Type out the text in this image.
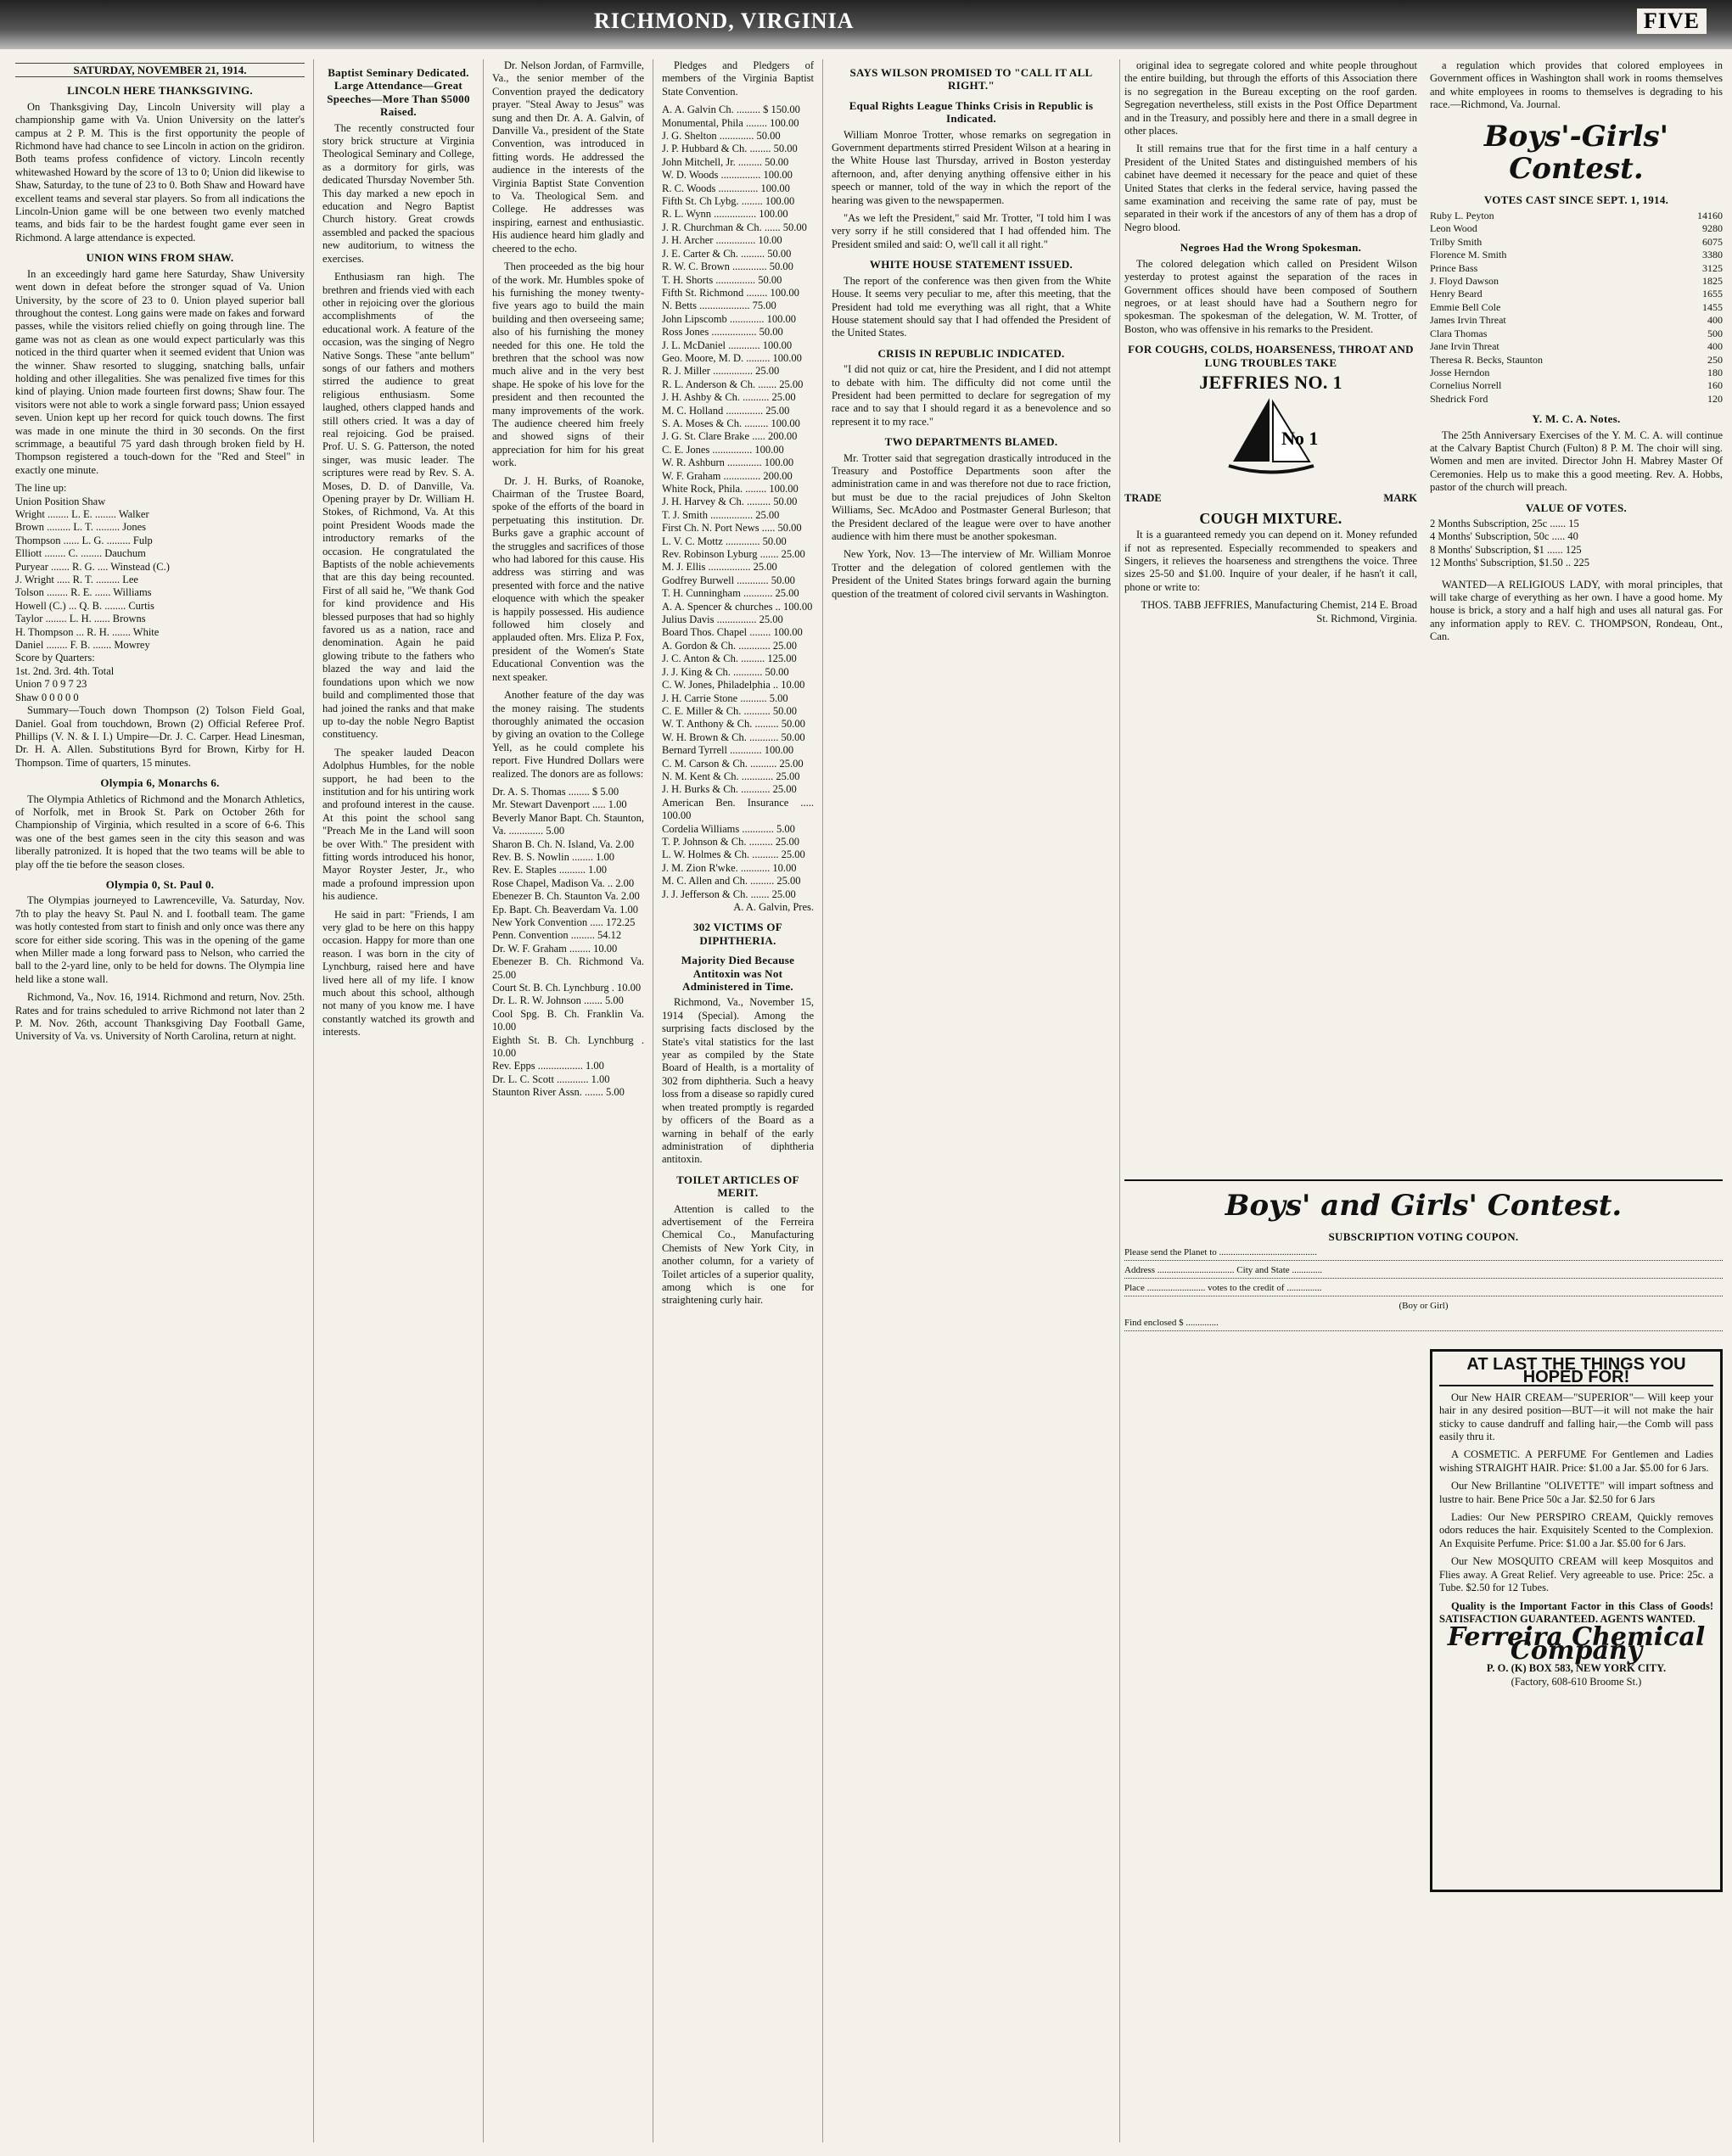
RICHMOND, VIRGINIA	FIVE
SATURDAY, NOVEMBER 21, 1914.
LINCOLN HERE THANKSGIVING.

On Thanksgiving Day, Lincoln University will play a championship game with Va. Union University on the latter's campus at 2 P. M. This is the first opportunity the people of Richmond have had chance to see Lincoln in action on the gridiron. Both teams profess confidence of victory. Lincoln recently whitewashed Howard by the score of 13 to 0; Union did likewise to Shaw, Saturday, to the tune of 23 to 0. Both Shaw and Howard have excellent teams and several star players. So from all indications the Lincoln-Union game will be one between two evenly matched teams, and bids fair to be the hardest fought game ever seen in Richmond. A large attendance is expected.

UNION WINS FROM SHAW.

In an exceedingly hard game here Saturday, Shaw University went down in defeat before the stronger squad of Va. Union University, by the score of 23 to 0. Union played superior ball throughout the contest. Long gains were made on fakes and forward passes, while the visitors relied chiefly on going through line. The game was not as clean as one would expect particularly was this noticed in the third quarter when it seemed evident that Union was the winner. Shaw resorted to slugging, snatching balls, unfair holding and other illegalities. She was penalized five times for this kind of playing. Union made fourteen first downs; Shaw four. The visitors were not able to work a single forward pass; Union essayed seven. Union kept up her record for quick touch downs. The first was made in one minute the third in 30 seconds. On the first scrimmage, a beautiful 75 yard dash through broken field by H. Thompson registered a touch-down for the "Red and Steel" in exactly one minute.

The line up:
Union Position Shaw
Wright ........ L. E. ........ Walker
Brown ......... L. T. ......... Jones
Thompson ...... L. G. ......... Fulp
Elliott ........ C. ........ Dauchum
Puryear ....... R. G. .... Winstead (C.)
J. Wright ..... R. T. ......... Lee
Tolson ........ R. E. ...... Williams
Howell (C.) ... Q. B. ........ Curtis
Taylor ........ L. H. ...... Browns
H. Thompson ... R. H. ....... White
Daniel ........ F. B. ....... Mowrey
Score by Quarters:
1st. 2nd. 3rd. 4th. Total
Union 7 0 9 7 23
Shaw 0 0 0 0 0

Summary—Touch down Thompson (2) Tolson Field Goal, Daniel. Goal from touchdown, Brown (2) Official Referee Prof. Phillips (V. N. & I. I.) Umpire—Dr. J. C. Carper. Head Linesman, Dr. H. A. Allen. Substitutions Byrd for Brown, Kirby for H. Thompson. Time of quarters, 15 minutes.

Olympia 6, Monarchs 6.

The Olympia Athletics of Richmond and the Monarch Athletics, of Norfolk, met in Brook St. Park on October 26th for Championship of Virginia, which resulted in a score of 6-6. This was one of the best games seen in the city this season and was liberally patronized. It is hoped that the two teams will be able to play off the tie before the season closes.

Olympia 0, St. Paul 0.

The Olympias journeyed to Lawrenceville, Va. Saturday, Nov. 7th to play the heavy St. Paul N. and I. football team. The game was hotly contested from start to finish and only once was there any score for either side scoring. This was in the opening of the game when Miller made a long forward pass to Nelson, who carried the ball to the 2-yard line, only to be held for downs. The Olympia line held like a stone wall.

Richmond, Va., Nov. 16, 1914. Richmond and return, Nov. 25th. Rates and for trains scheduled to arrive Richmond not later than 2 P. M. Nov. 26th, account Thanksgiving Day Football Game, University of Va. vs. University of North Carolina, return at night.

Baptist Seminary Dedicated. Large Attendance—Great Speeches—More Than $5000 Raised.

The recently constructed four story brick structure at Virginia Theological Seminary and College, as a dormitory for girls, was dedicated Thursday November 5th. This day marked a new epoch in education and Negro Baptist Church history. Great crowds assembled and packed the spacious new auditorium, to witness the exercises.

Enthusiasm ran high. The brethren and friends vied with each other in rejoicing over the glorious accomplishments of the educational work. A feature of the occasion, was the singing of Negro Native Songs. These "ante bellum" songs of our fathers and mothers stirred the audience to great religious enthusiasm. Some laughed, others clapped hands and still others cried. It was a day of real rejoicing. God be praised. Prof. U. S. G. Patterson, the noted singer, was music leader. The scriptures were read by Rev. S. A. Moses, D. D. of Danville, Va. Opening prayer by Dr. William H. Stokes, of Richmond, Va. At this point President Woods made the introductory remarks of the occasion. He congratulated the Baptists of the noble achievements that are this day being recounted. First of all said he, "We thank God for kind providence and His blessed purposes that had so highly favored us as a nation, race and denomination. Again he paid glowing tribute to the fathers who blazed the way and laid the foundations upon which we now build and complimented those that had joined the ranks and that make up to-day the noble Negro Baptist constituency.

The speaker lauded Deacon Adolphus Humbles, for the noble support, he had been to the institution and for his untiring work and profound interest in the cause. At this point the school sang "Preach Me in the Land will soon be over With." The president with fitting words introduced his honor, Mayor Royster Jester, Jr., who made a profound impression upon his audience.

He said in part: "Friends, I am very glad to be here on this happy occasion. Happy for more than one reason. I was born in the city of Lynchburg, raised here and have lived here all of my life. I know much about this school, although not many of you know me. I have constantly watched its growth and interests.

Dr. Nelson Jordan, of Farmville, Va., the senior member of the Convention prayed the dedicatory prayer. "Steal Away to Jesus" was sung and then Dr. A. A. Galvin, of Danville Va., president of the State Convention, was introduced in fitting words. He addressed the audience in the interests of the Virginia Baptist State Convention to Va. Theological Sem. and College. He addresses was inspiring, earnest and enthusiastic. His audience heard him gladly and cheered to the echo.

Then proceeded as the big hour of the work. Mr. Humbles spoke of his furnishing the money twenty-five years ago to build the main building and then overseeing same; also of his furnishing the money needed for this one. He told the brethren that the school was now much alive and in the very best shape. He spoke of his love for the president and then recounted the many improvements of the work. The audience cheered him freely and showed signs of their appreciation for him for his great work.

Dr. J. H. Burks, of Roanoke, Chairman of the Trustee Board, spoke of the efforts of the board in perpetuating this institution. Dr. Burks gave a graphic account of the struggles and sacrifices of those who had labored for this cause. His address was stirring and was presented with force and the native eloquence with which the speaker is happily possessed. His audience followed him closely and applauded often. Mrs. Eliza P. Fox, president of the Women's State Educational Convention was the next speaker.

Another feature of the day was the money raising. The students thoroughly animated the occasion by giving an ovation to the College Yell, as he could complete his report. Five Hundred Dollars were realized. The donors are as follows:

Dr. A. S. Thomas ........ $ 5.00
Mr. Stewart Davenport ..... 1.00
Beverly Manor Bapt. Ch. Staunton, Va. ............. 5.00
Sharon B. Ch. N. Island, Va. 2.00
Rev. B. S. Nowlin ........ 1.00
Rev. E. Staples .......... 1.00
Rose Chapel, Madison Va. .. 2.00
Ebenezer B. Ch. Staunton Va. 2.00
Ep. Bapt. Ch. Beaverdam Va. 1.00
New York Convention ..... 172.25
Penn. Convention ......... 54.12
Dr. W. F. Graham ........ 10.00
Ebenezer B. Ch. Richmond Va. 25.00
Court St. B. Ch. Lynchburg . 10.00
Dr. L. R. W. Johnson ....... 5.00
Cool Spg. B. Ch. Franklin Va. 10.00
Eighth St. B. Ch. Lynchburg . 10.00
Rev. Epps ................. 1.00
Dr. L. C. Scott ............ 1.00
Staunton River Assn. ....... 5.00

Pledges and Pledgers of members of the Virginia Baptist State Convention.

A. A. Galvin Ch. ......... $ 150.00
Monumental, Phila ........ 100.00
J. G. Shelton ............. 50.00
J. P. Hubbard & Ch. ........ 50.00
John Mitchell, Jr. ......... 50.00
W. D. Woods ............... 100.00
R. C. Woods ............... 100.00
Fifth St. Ch Lybg. ........ 100.00
R. L. Wynn ................ 100.00
J. R. Churchman & Ch. ...... 50.00
J. H. Archer ............... 10.00
J. E. Carter & Ch. ......... 50.00
R. W. C. Brown ............. 50.00
T. H. Shorts ............... 50.00
Fifth St. Richmond ........ 100.00
N. Betts ................... 75.00
John Lipscomb ............. 100.00
Ross Jones ................. 50.00
J. L. McDaniel ............ 100.00
Geo. Moore, M. D. ......... 100.00
R. J. Miller ............... 25.00
R. L. Anderson & Ch. ....... 25.00
J. H. Ashby & Ch. .......... 25.00
M. C. Holland .............. 25.00
S. A. Moses & Ch. ......... 100.00
J. G. St. Clare Brake ..... 200.00
C. E. Jones ............... 100.00
W. R. Ashburn ............. 100.00
W. F. Graham .............. 200.00
White Rock, Phila. ........ 100.00
J. H. Harvey & Ch. ......... 50.00
T. J. Smith ................ 25.00
First Ch. N. Port News ..... 50.00
L. V. C. Mottz ............. 50.00
Rev. Robinson Lyburg ....... 25.00
M. J. Ellis ................ 25.00
Godfrey Burwell ............ 50.00
T. H. Cunningham ........... 25.00
A. A. Spencer & churches .. 100.00
Julius Davis ............... 25.00
Board Thos. Chapel ........ 100.00
A. Gordon & Ch. ............ 25.00
J. C. Anton & Ch. ......... 125.00
J. J. King & Ch. ........... 50.00
C. W. Jones, Philadelphia .. 10.00
J. H. Carrie Stone .......... 5.00
C. E. Miller & Ch. .......... 50.00
W. T. Anthony & Ch. ......... 50.00
W. H. Brown & Ch. ........... 50.00
Bernard Tyrrell ............ 100.00
C. M. Carson & Ch. .......... 25.00
N. M. Kent & Ch. ............ 25.00
J. H. Burks & Ch. ........... 25.00
American Ben. Insurance ..... 100.00
Cordelia Williams ............ 5.00
T. P. Johnson & Ch. ......... 25.00
L. W. Holmes & Ch. .......... 25.00
J. M. Zion R'wke. ........... 10.00
M. C. Allen and Ch. ......... 25.00
J. J. Jefferson & Ch. ....... 25.00
A. A. Galvin, Pres.
302 VICTIMS OF DIPHTHERIA.
Majority Died Because Antitoxin was Not Administered in Time.

Richmond, Va., November 15, 1914 (Special). Among the surprising facts disclosed by the State's vital statistics for the last year as compiled by the State Board of Health, is a mortality of 302 from diphtheria. Such a heavy loss from a disease so rapidly cured when treated promptly is regarded by officers of the Board as a warning in behalf of the early administration of diphtheria antitoxin.

TOILET ARTICLES OF MERIT.

Attention is called to the advertisement of the Ferreira Chemical Co., Manufacturing Chemists of New York City, in another column, for a variety of Toilet articles of a superior quality, among which is one for straightening curly hair.

SAYS WILSON PROMISED TO "CALL IT ALL RIGHT."
Equal Rights League Thinks Crisis in Republic is Indicated.

William Monroe Trotter, whose remarks on segregation in Government departments stirred President Wilson at a hearing in the White House last Thursday, arrived in Boston yesterday afternoon, and, after denying anything offensive either in his speech or manner, told of the way in which the report of the hearing was given to the newspapermen.

"As we left the President," said Mr. Trotter, "I told him I was very sorry if he still considered that I had offended him. The President smiled and said: O, we'll call it all right."

WHITE HOUSE STATEMENT ISSUED.

The report of the conference was then given from the White House. It seems very peculiar to me, after this meeting, that the President had told me everything was all right, that a White House statement should say that I had offended the President of the United States.

CRISIS IN REPUBLIC INDICATED.

"I did not quiz or cat, hire the President, and I did not attempt to debate with him. The difficulty did not come until the President had been permitted to declare for segregation of my race and to say that I should regard it as a benevolence and so represent it to my race."

TWO DEPARTMENTS BLAMED.

Mr. Trotter said that segregation drastically introduced in the Treasury and Postoffice Departments soon after the administration came in and was therefore not due to race friction, but must be due to the racial prejudices of John Skelton Williams, Sec. McAdoo and Postmaster General Burleson; that the President declared of the league were over to have another audience with him there must be another spokesman.

New York, Nov. 13—The interview of Mr. William Monroe Trotter and the delegation of colored gentlemen with the President of the United States brings forward again the burning question of the treatment of colored civil servants in Washington.

original idea to segregate colored and white people throughout the entire building, but through the efforts of this Association there is no segregation in the Bureau excepting on the roof garden. Segregation nevertheless, still exists in the Post Office Department and in the Treasury, and possibly here and there in a small degree in other places.

It still remains true that for the first time in a half century a President of the United States and distinguished members of his cabinet have deemed it necessary for the peace and quiet of these United States that clerks in the federal service, having passed the same examination and receiving the same rate of pay, must be separated in their work if the ancestors of any of them has a drop of Negro blood.

Negroes Had the Wrong Spokesman.

The colored delegation which called on President Wilson yesterday to protest against the separation of the races in Government offices should have been composed of Southern negroes, or at least should have had a Southern negro for spokesman. The spokesman of the delegation, W. M. Trotter, of Boston, who was offensive in his remarks to the President.

FOR COUGHS, COLDS, HOARSENESS, THROAT AND LUNG TROUBLES TAKE
JEFFRIES NO. 1
No 1
TRADE	MARK
COUGH MIXTURE.

It is a guaranteed remedy you can depend on it. Money refunded if not as represented. Especially recommended to speakers and Singers, it relieves the hoarseness and strengthens the voice. Three sizes 25-50 and $1.00. Inquire of your dealer, if he hasn't it call, phone or write to:

THOS. TABB JEFFRIES, Manufacturing Chemist, 214 E. Broad St. Richmond, Virginia.

a regulation which provides that colored employees in Government offices in Washington shall work in rooms themselves and white employees in rooms to themselves is degrading to his race.—Richmond, Va. Journal.

Boys'-Girls' Contest.
VOTES CAST SINCE SEPT. 1, 1914.
Ruby L. Peyton	14160
Leon Wood	9280
Trilby Smith	6075
Florence M. Smith	3380
Prince Bass	3125
J. Floyd Dawson	1825
Henry Beard	1655
Emmie Bell Cole	1455
James Irvin Threat	400
Clara Thomas	500
Jane Irvin Threat	400
Theresa R. Becks, Staunton	250
Josse Herndon	180
Cornelius Norrell	160
Shedrick Ford	120
Y. M. C. A. Notes.

The 25th Anniversary Exercises of the Y. M. C. A. will continue at the Calvary Baptist Church (Fulton) 8 P. M. The choir will sing. Women and men are invited. Director John H. Mabrey Master Of Ceremonies. Help us to make this a good meeting. Rev. A. Hobbs, pastor of the church will preach.

VALUE OF VOTES.
2 Months Subscription, 25c ...... 15
4 Months' Subscription, 50c ..... 40
8 Months' Subscription, $1 ...... 125
12 Months' Subscription, $1.50 .. 225

WANTED—A RELIGIOUS LADY, with moral principles, that will take charge of everything as her own. I have a good home. My house is brick, a story and a half high and uses all natural gas. For any information apply to REV. C. THOMPSON, Rondeau, Ont., Can.

Boys' and Girls' Contest.
SUBSCRIPTION VOTING COUPON.
Please send the Planet to ..........................................
Address ................................. City and State .............
Place ......................... votes to the credit of ...............
(Boy or Girl)
Find enclosed $ ..............
AT LAST THE THINGS YOU HOPED FOR!

Our New HAIR CREAM—"SUPERIOR"— Will keep your hair in any desired position—BUT—it will not make the hair sticky to cause dandruff and falling hair,—the Comb will pass easily thru it.

A COSMETIC. A PERFUME For Gentlemen and Ladies wishing STRAIGHT HAIR. Price: $1.00 a Jar. $5.00 for 6 Jars.

Our New Brillantine "OLIVETTE" will impart softness and lustre to hair. Bene Price 50c a Jar. $2.50 for 6 Jars

Ladies: Our New PERSPIRO CREAM, Quickly removes odors reduces the hair. Exquisitely Scented to the Complexion. An Exquisite Perfume. Price: $1.00 a Jar. $5.00 for 6 Jars.

Our New MOSQUITO CREAM will keep Mosquitos and Flies away. A Great Relief. Very agreeable to use. Price: 25c. a Tube. $2.50 for 12 Tubes.

Quality is the Important Factor in this Class of Goods! SATISFACTION GUARANTEED. AGENTS WANTED.

Ferreira Chemical Company
P. O. (K) BOX 583, NEW YORK CITY.
(Factory, 608-610 Broome St.)
